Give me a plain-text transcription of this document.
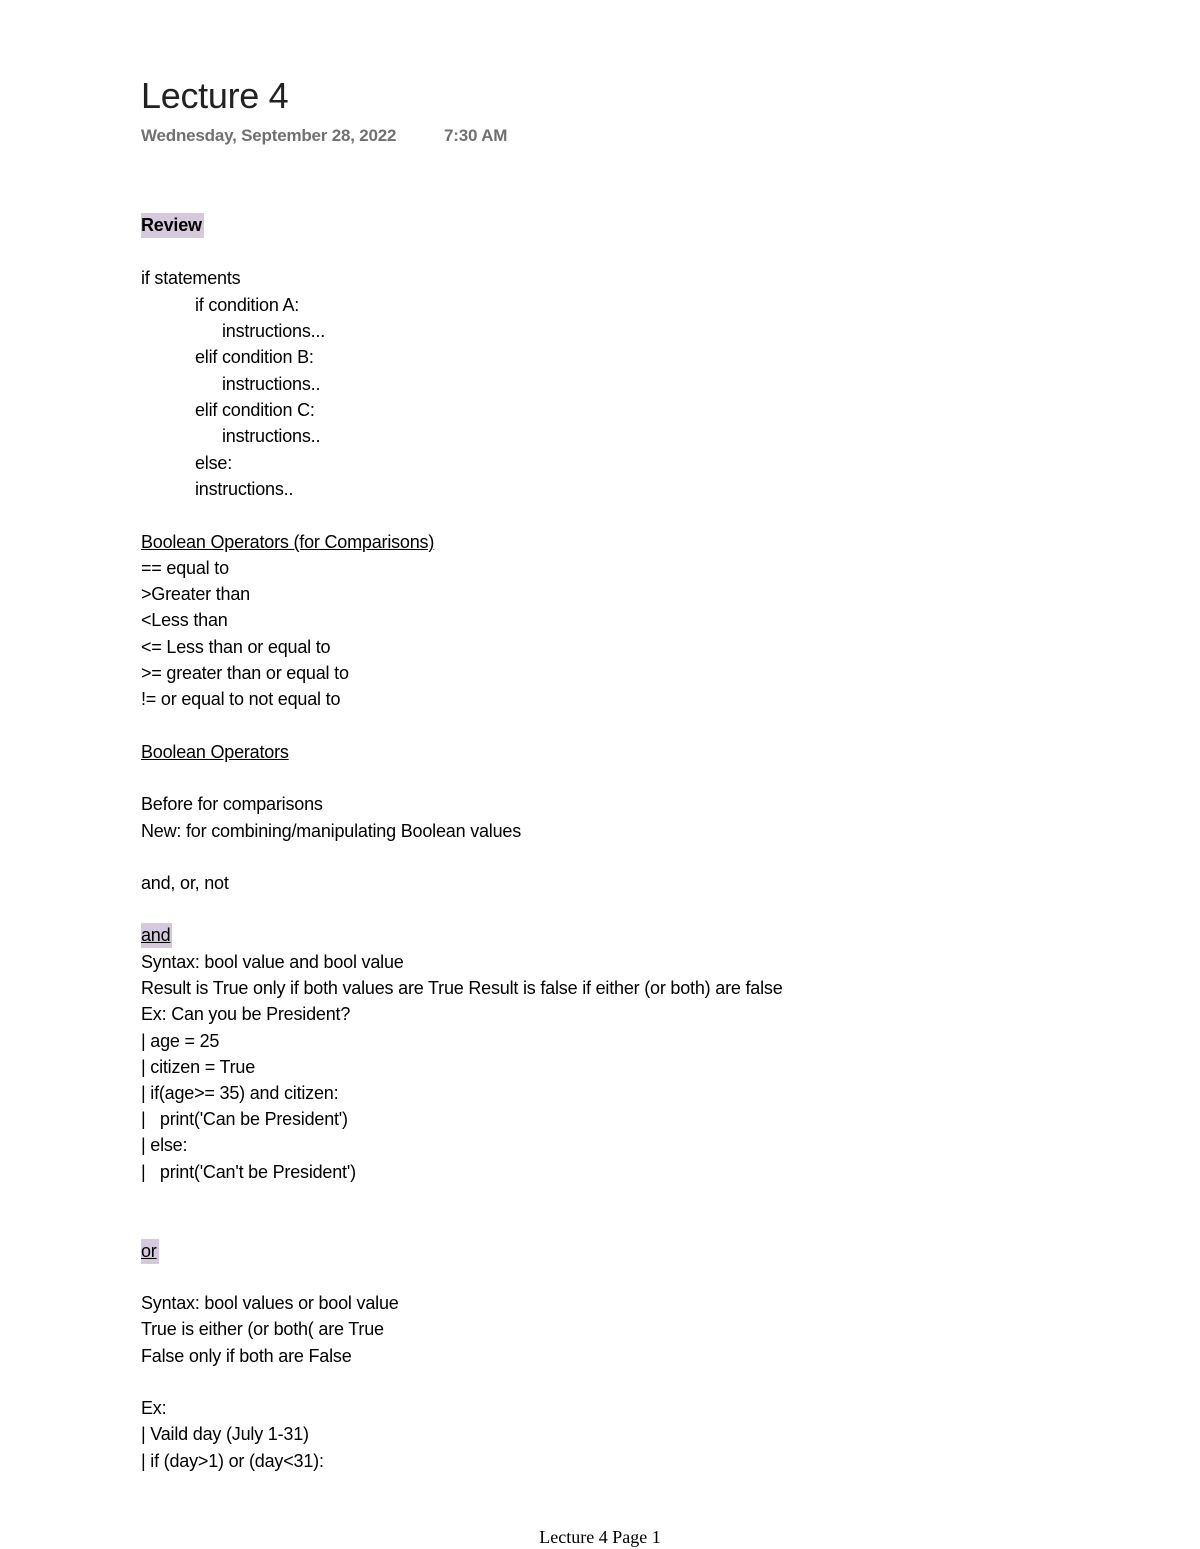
Lecture 4
Wednesday, September 28, 2022	7:30 AM
Review
if statements
if condition A:
instructions...
elif condition B:
instructions..
elif condition C:
instructions..
else:
instructions..
Boolean Operators (for Comparisons)
== equal to
>Greater than
<Less than
<= Less than or equal to
>= greater than or equal to
!= or equal to not equal to
Boolean Operators
Before for comparisons
New: for combining/manipulating Boolean values
and, or, not
and
Syntax: bool value and bool value
Result is True only if both values are True Result is false if either (or both) are false
Ex: Can you be President?
| age = 25
| citizen = True
| if(age>= 35) and citizen:
|   print('Can be President')
| else:
|   print('Can't be President')
or
Syntax: bool values or bool value
True is either (or both( are True
False only if both are False
Ex:
| Vaild day (July 1-31)
| if (day>1) or (day<31):
Lecture 4 Page 1
